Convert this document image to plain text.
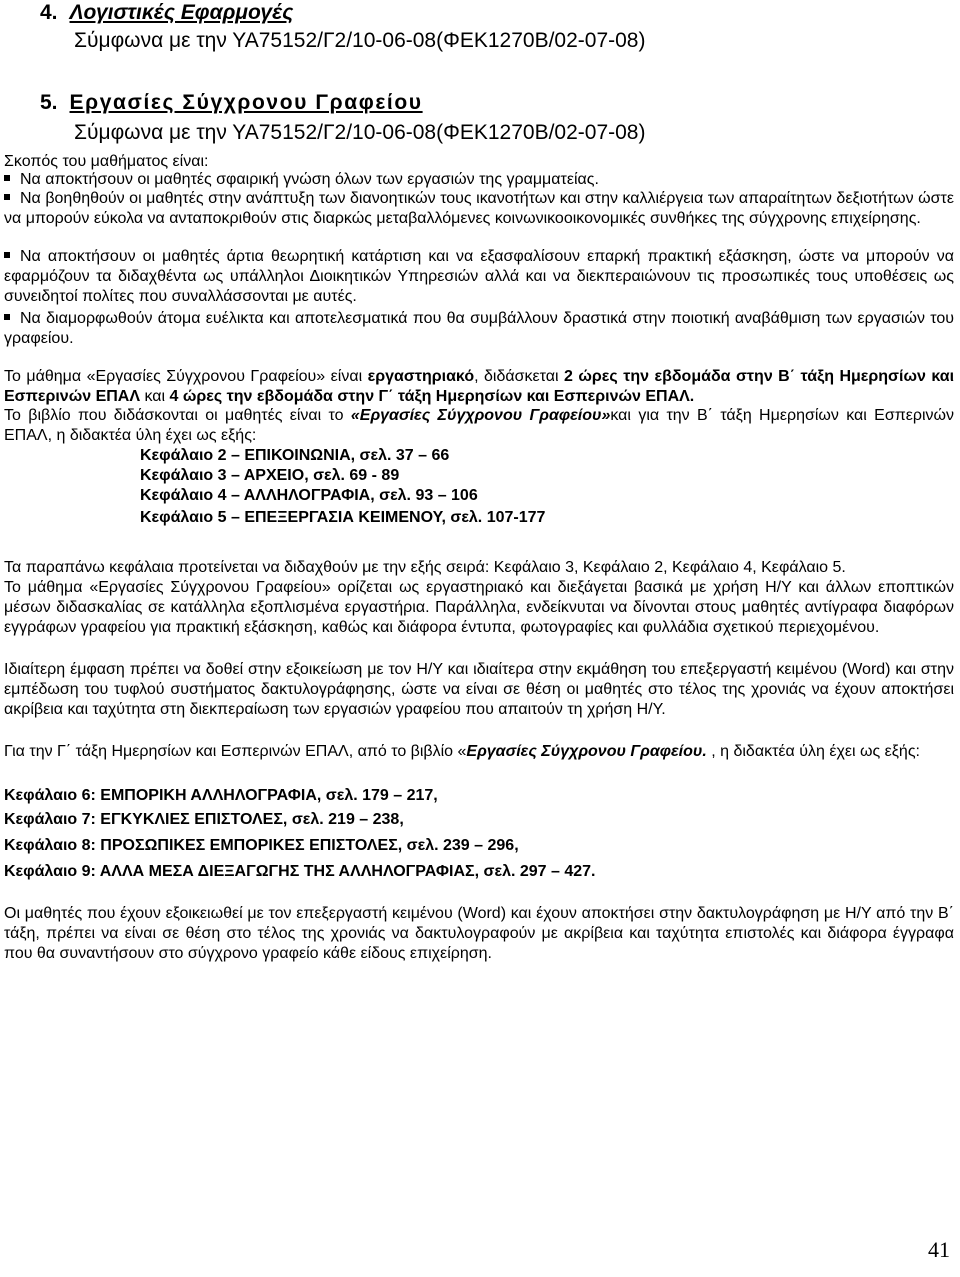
4. Λογιστικές Εφαρμογές
Σύμφωνα με την ΥΑ75152/Γ2/10-06-08(ΦΕΚ1270Β/02-07-08)
5. Εργασίες Σύγχρονου Γραφείου
Σύμφωνα με την ΥΑ75152/Γ2/10-06-08(ΦΕΚ1270Β/02-07-08)
Σκοπός του μαθήματος είναι:
Να αποκτήσουν οι μαθητές σφαιρική γνώση όλων των εργασιών της γραμματείας.
Να βοηθηθούν οι μαθητές στην ανάπτυξη των διανοητικών τους ικανοτήτων και στην καλλιέργεια των απαραίτητων δεξιοτήτων ώστε να μπορούν εύκολα να ανταποκριθούν στις διαρκώς μεταβαλλόμενες κοινωνικοοικονομικές συνθήκες της σύγχρονης επιχείρησης.
Να αποκτήσουν οι μαθητές άρτια θεωρητική κατάρτιση και να εξασφαλίσουν επαρκή πρακτική εξάσκηση, ώστε να μπορούν να εφαρμόζουν τα διδαχθέντα ως υπάλληλοι Διοικητικών Υπηρεσιών αλλά και να διεκπεραιώνουν τις προσωπικές τους υποθέσεις ως συνειδητοί πολίτες που συναλλάσσονται με αυτές.
Να διαμορφωθούν άτομα ευέλικτα και αποτελεσματικά που θα συμβάλλουν δραστικά στην ποιοτική αναβάθμιση των εργασιών του γραφείου.
Το μάθημα «Εργασίες Σύγχρονου Γραφείου» είναι εργαστηριακό, διδάσκεται 2 ώρες την εβδομάδα στην Β΄ τάξη Ημερησίων και Εσπερινών ΕΠΑΛ και 4 ώρες την εβδομάδα στην Γ΄ τάξη Ημερησίων και Εσπερινών ΕΠΑΛ.
Το βιβλίο που διδάσκονται οι μαθητές είναι το «Εργασίες Σύγχρονου Γραφείου»και για την Β΄ τάξη Ημερησίων και Εσπερινών ΕΠΑΛ, η διδακτέα ύλη έχει ως εξής:
Κεφάλαιο 2 – ΕΠΙΚΟΙΝΩΝΙΑ, σελ. 37 – 66
Κεφάλαιο 3 – ΑΡΧΕΙΟ, σελ. 69 - 89
Κεφάλαιο 4 – ΑΛΛΗΛΟΓΡΑΦΙΑ, σελ. 93 – 106
Κεφάλαιο 5 – ΕΠΕΞΕΡΓΑΣΙΑ ΚΕΙΜΕΝΟΥ, σελ. 107-177
Τα παραπάνω κεφάλαια προτείνεται να διδαχθούν με την εξής σειρά: Κεφάλαιο 3, Κεφάλαιο 2, Κεφάλαιο 4, Κεφάλαιο 5.
Το μάθημα «Εργασίες Σύγχρονου Γραφείου» ορίζεται ως εργαστηριακό και διεξάγεται βασικά με χρήση Η/Υ και άλλων εποπτικών μέσων διδασκαλίας σε κατάλληλα εξοπλισμένα εργαστήρια. Παράλληλα, ενδείκνυται να δίνονται στους μαθητές αντίγραφα διαφόρων εγγράφων γραφείου για πρακτική εξάσκηση, καθώς και διάφορα έντυπα, φωτογραφίες και φυλλάδια σχετικού περιεχομένου.
Ιδιαίτερη έμφαση πρέπει να δοθεί στην εξοικείωση με τον Η/Υ και ιδιαίτερα στην εκμάθηση του επεξεργαστή κειμένου (Word) και στην εμπέδωση του τυφλού συστήματος δακτυλογράφησης, ώστε να είναι σε θέση οι μαθητές στο τέλος της χρονιάς να έχουν αποκτήσει ακρίβεια και ταχύτητα στη διεκπεραίωση των εργασιών γραφείου που απαιτούν τη χρήση Η/Υ.
Για την Γ΄ τάξη Ημερησίων και Εσπερινών ΕΠΑΛ, από το βιβλίο «Εργασίες Σύγχρονου Γραφείου. , η διδακτέα ύλη έχει ως εξής:
Κεφάλαιο 6: ΕΜΠΟΡΙΚΗ ΑΛΛΗΛΟΓΡΑΦΙΑ, σελ. 179 – 217,
Κεφάλαιο 7: ΕΓΚΥΚΛΙΕΣ ΕΠΙΣΤΟΛΕΣ, σελ. 219 – 238,
Κεφάλαιο 8: ΠΡΟΣΩΠΙΚΕΣ ΕΜΠΟΡΙΚΕΣ ΕΠΙΣΤΟΛΕΣ, σελ. 239 – 296,
Κεφάλαιο 9: ΑΛΛΑ ΜΕΣΑ ΔΙΕΞΑΓΩΓΗΣ ΤΗΣ ΑΛΛΗΛΟΓΡΑΦΙΑΣ, σελ. 297 – 427.
Οι μαθητές που έχουν εξοικειωθεί με τον επεξεργαστή κειμένου (Word) και έχουν αποκτήσει στην δακτυλογράφηση με Η/Υ από την Β΄ τάξη, πρέπει να είναι σε θέση στο τέλος της χρονιάς να δακτυλογραφούν με ακρίβεια και ταχύτητα επιστολές και διάφορα έγγραφα που θα συναντήσουν στο σύγχρονο γραφείο κάθε είδους επιχείρηση.
41
